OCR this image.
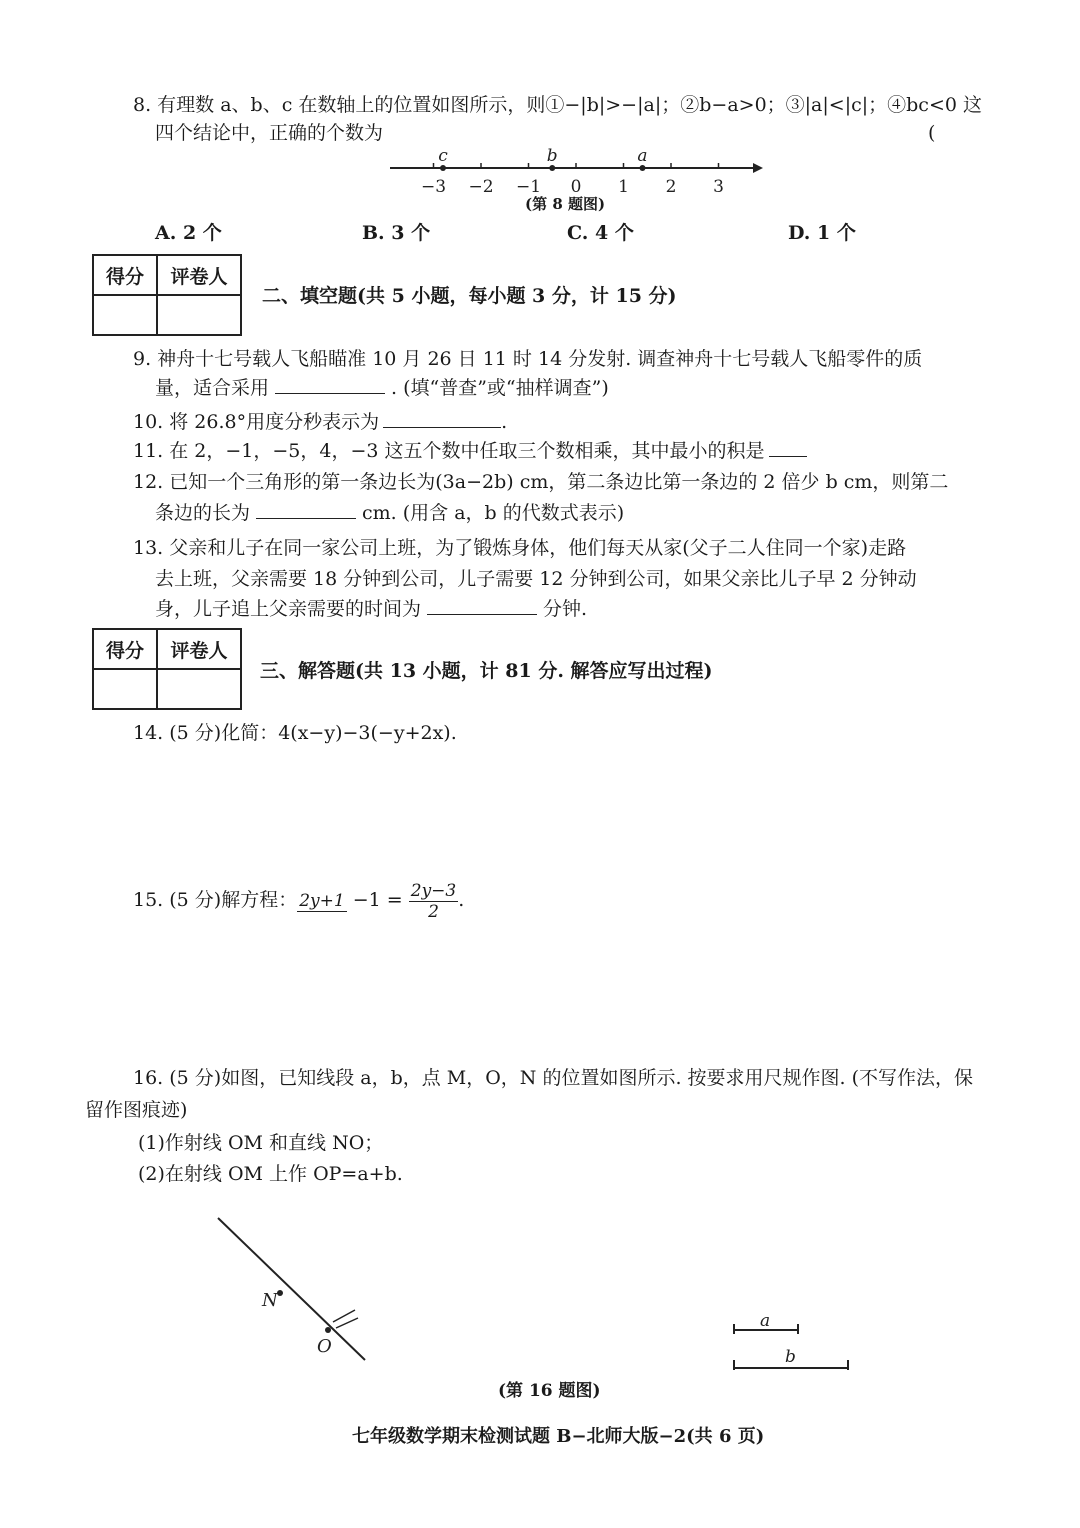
8. 有理数 a、b、c 在数轴上的位置如图所示，则①−|b|>−|a|；②b−a>0；③|a|<|c|；④bc<0 这
四个结论中，正确的个数为	(
−3 −2 −1 0 1 2 3
c	b	a
(第 8 题图)
A. 2 个	B. 3 个	C. 4 个	D. 1 个
得分	评卷人

二、填空题(共 5 小题，每小题 3 分，计 15 分)
9. 神舟十七号载人飞船瞄准 10 月 26 日 11 时 14 分发射. 调查神舟十七号载人飞船零件的质
量，适合采用	. (填“普查”或“抽样调查”)
10. 将 26.8°用度分秒表示为	.
11. 在 2，−1，−5，4，−3 这五个数中任取三个数相乘，其中最小的积是
12. 已知一个三角形的第一条边长为(3a−2b) cm，第二条边比第一条边的 2 倍少 b cm，则第二
条边的长为	cm. (用含 a，b 的代数式表示)
13. 父亲和儿子在同一家公司上班，为了锻炼身体，他们每天从家(父子二人住同一个家)走路
去上班，父亲需要 18 分钟到公司，儿子需要 12 分钟到公司，如果父亲比儿子早 2 分钟动
身，儿子追上父亲需要的时间为	分钟.
得分	评卷人

三、解答题(共 13 小题，计 81 分. 解答应写出过程)
14. (5 分)化简：4(x−y)−3(−y+2x).
15. (5 分)解方程： $2y+1 -1 = \frac{2y-3}{2}$ .
16. (5 分)如图，已知线段 a，b，点 M，O，N 的位置如图所示. 按要求用尺规作图. (不写作法，保
留作图痕迹)
(1)作射线 OM 和直线 NO；
(2)在射线 OM 上作 OP=a+b.
N
O
a
b
(第 16 题图)
七年级数学期末检测试题 B−北师大版−2(共 6 页)
